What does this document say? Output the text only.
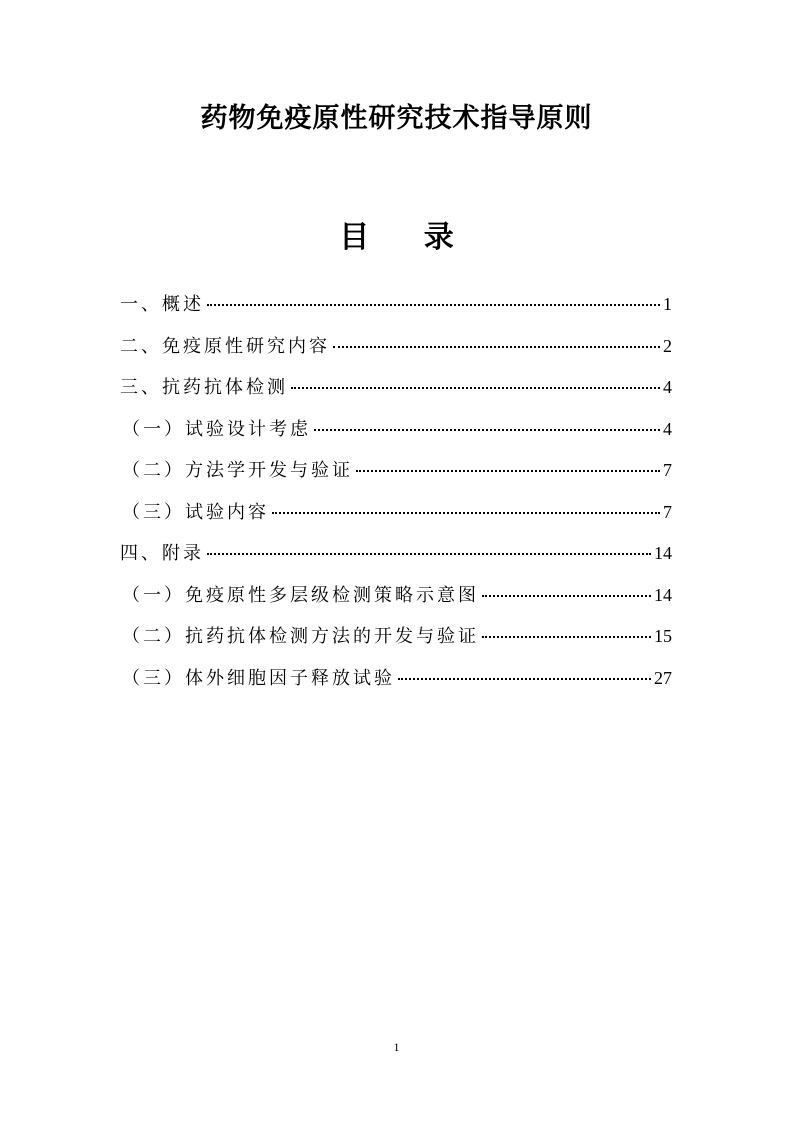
药物免疫原性研究技术指导原则
目 录
一、概述	1
二、免疫原性研究内容	2
三、抗药抗体检测	4
（一）试验设计考虑	4
（二）方法学开发与验证	7
（三）试验内容	7
四、附录	14
（一）免疫原性多层级检测策略示意图	14
（二）抗药抗体检测方法的开发与验证	15
（三）体外细胞因子释放试验	27
1
